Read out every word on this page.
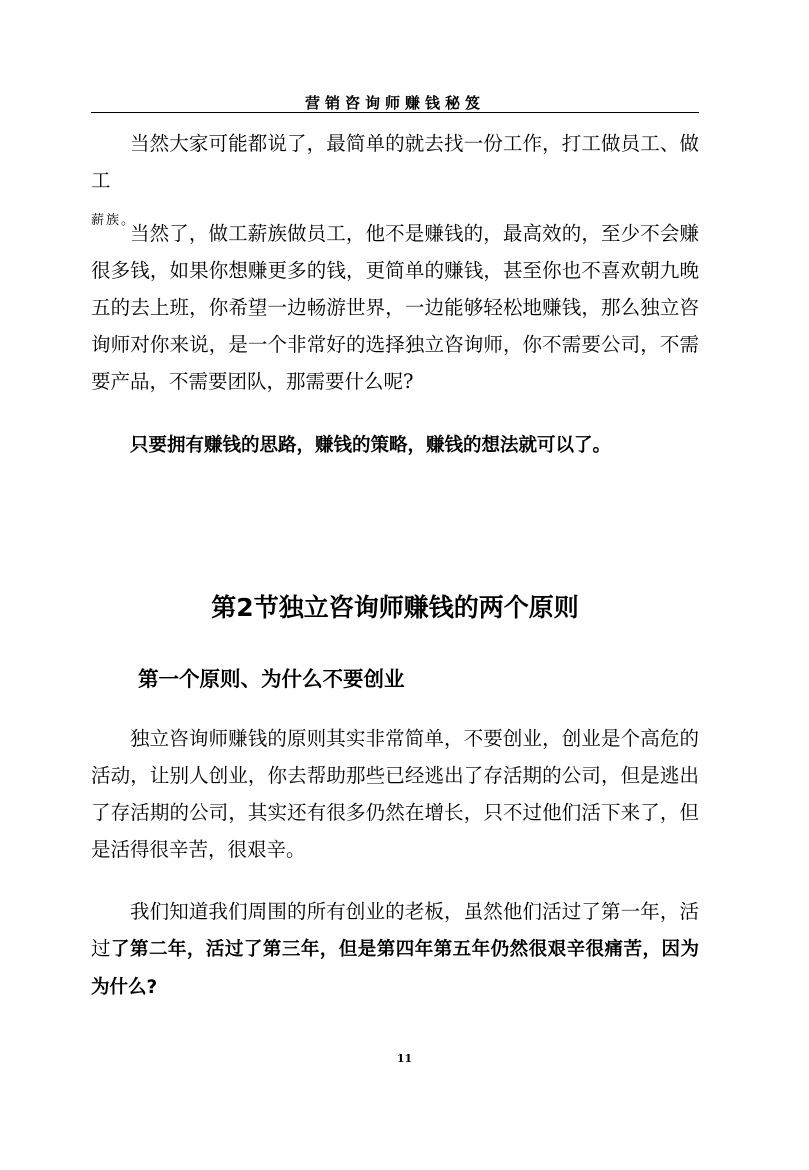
营销咨询师赚钱秘笈
当然大家可能都说了，最简单的就去找一份工作，打工做员工、做工
薪族。

当然了，做工薪族做员工，他不是赚钱的，最高效的，至少不会赚很多钱，如果你想赚更多的钱，更简单的赚钱，甚至你也不喜欢朝九晚五的去上班，你希望一边畅游世界，一边能够轻松地赚钱，那么独立咨询师对你来说，是一个非常好的选择独立咨询师，你不需要公司，不需要产品，不需要团队，那需要什么呢?

只要拥有赚钱的思路，赚钱的策略，赚钱的想法就可以了。

第2节独立咨询师赚钱的两个原则
第一个原则、为什么不要创业

独立咨询师赚钱的原则其实非常简单，不要创业，创业是个高危的活动，让别人创业，你去帮助那些已经逃出了存活期的公司，但是逃出了存活期的公司，其实还有很多仍然在增长，只不过他们活下来了，但是活得很辛苦，很艰辛。

我们知道我们周围的所有创业的老板，虽然他们活过了第一年，活过了第二年，活过了第三年，但是第四年第五年仍然很艰辛很痛苦，因为为什么?

11
